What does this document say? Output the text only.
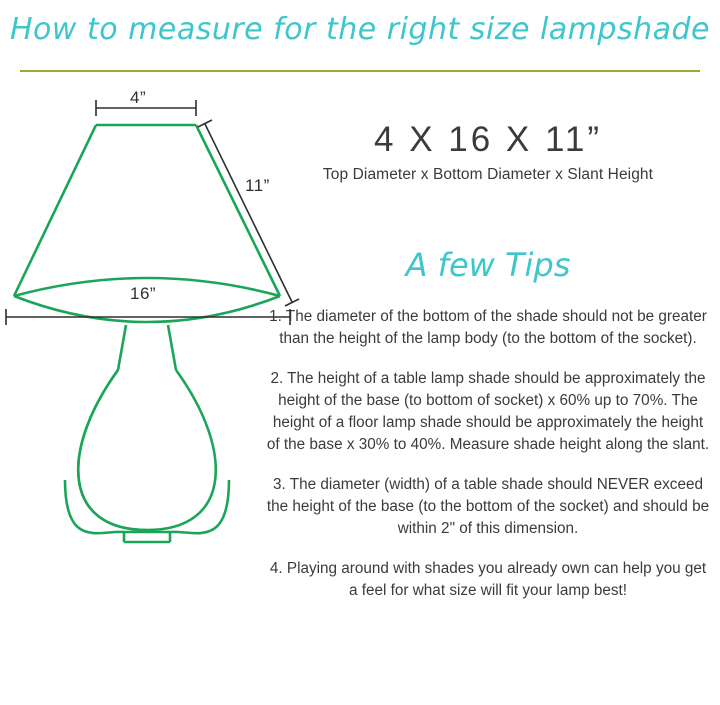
How to measure for the right size lampshade
4”
11”
16”

4 X 16 X 11”

Top Diameter x Bottom Diameter x Slant Height

A few Tips

1. The diameter of the bottom of the shade should not be greater than the height of the lamp body (to the bottom of the socket).

2. The height of a table lamp shade should be approximately the height of the base (to bottom of socket) x 60% up to 70%. The height of a floor lamp shade should be approximately the height of the base x 30% to 40%. Measure shade height along the slant.

3. The diameter (width) of a table shade should NEVER exceed the height of the base (to the bottom of the socket) and should be within 2" of this dimension.

4. Playing around with shades you already own can help you get a feel for what size will fit your lamp best!
